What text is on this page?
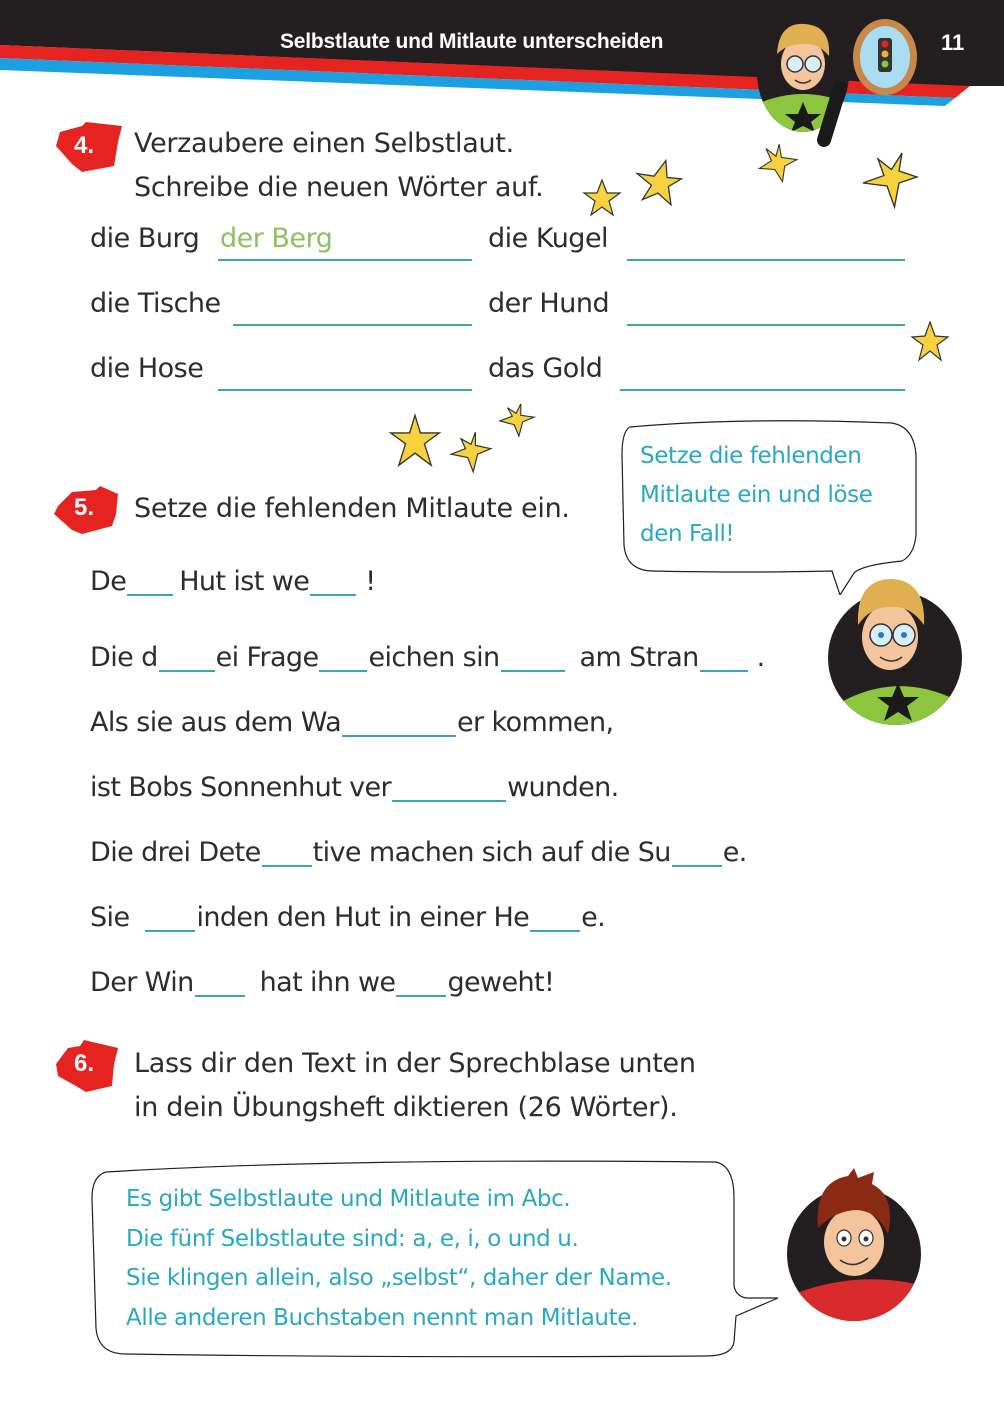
Selbstlaute und Mitlaute unterscheiden	11
4. Verzaubere einen Selbstlaut.
Schreibe die neuen Wörter auf.
die Burg der Berg	die Kugel
die Tische	der Hund
die Hose	das Gold
5. Setze die fehlenden Mitlaute ein.
Setze die fehlenden
Mitlaute ein und löse
den Fall!
De Hut ist we !
Die d ei Frage eichen sin	am Stran .
Als sie aus dem Wa	er kommen,
ist Bobs Sonnenhut ver	wunden.
Die drei Dete tive machen sich auf die Su e.
Sie inden den Hut in einer He e.
Der Win hat ihn we geweht!
6. Lass dir den Text in der Sprechblase unten
in dein Übungsheft diktieren (26 Wörter).
Es gibt Selbstlaute und Mitlaute im Abc.
Die fünf Selbstlaute sind: a, e, i, o und u.
Sie klingen allein, also „selbst“, daher der Name.
Alle anderen Buchstaben nennt man Mitlaute.
